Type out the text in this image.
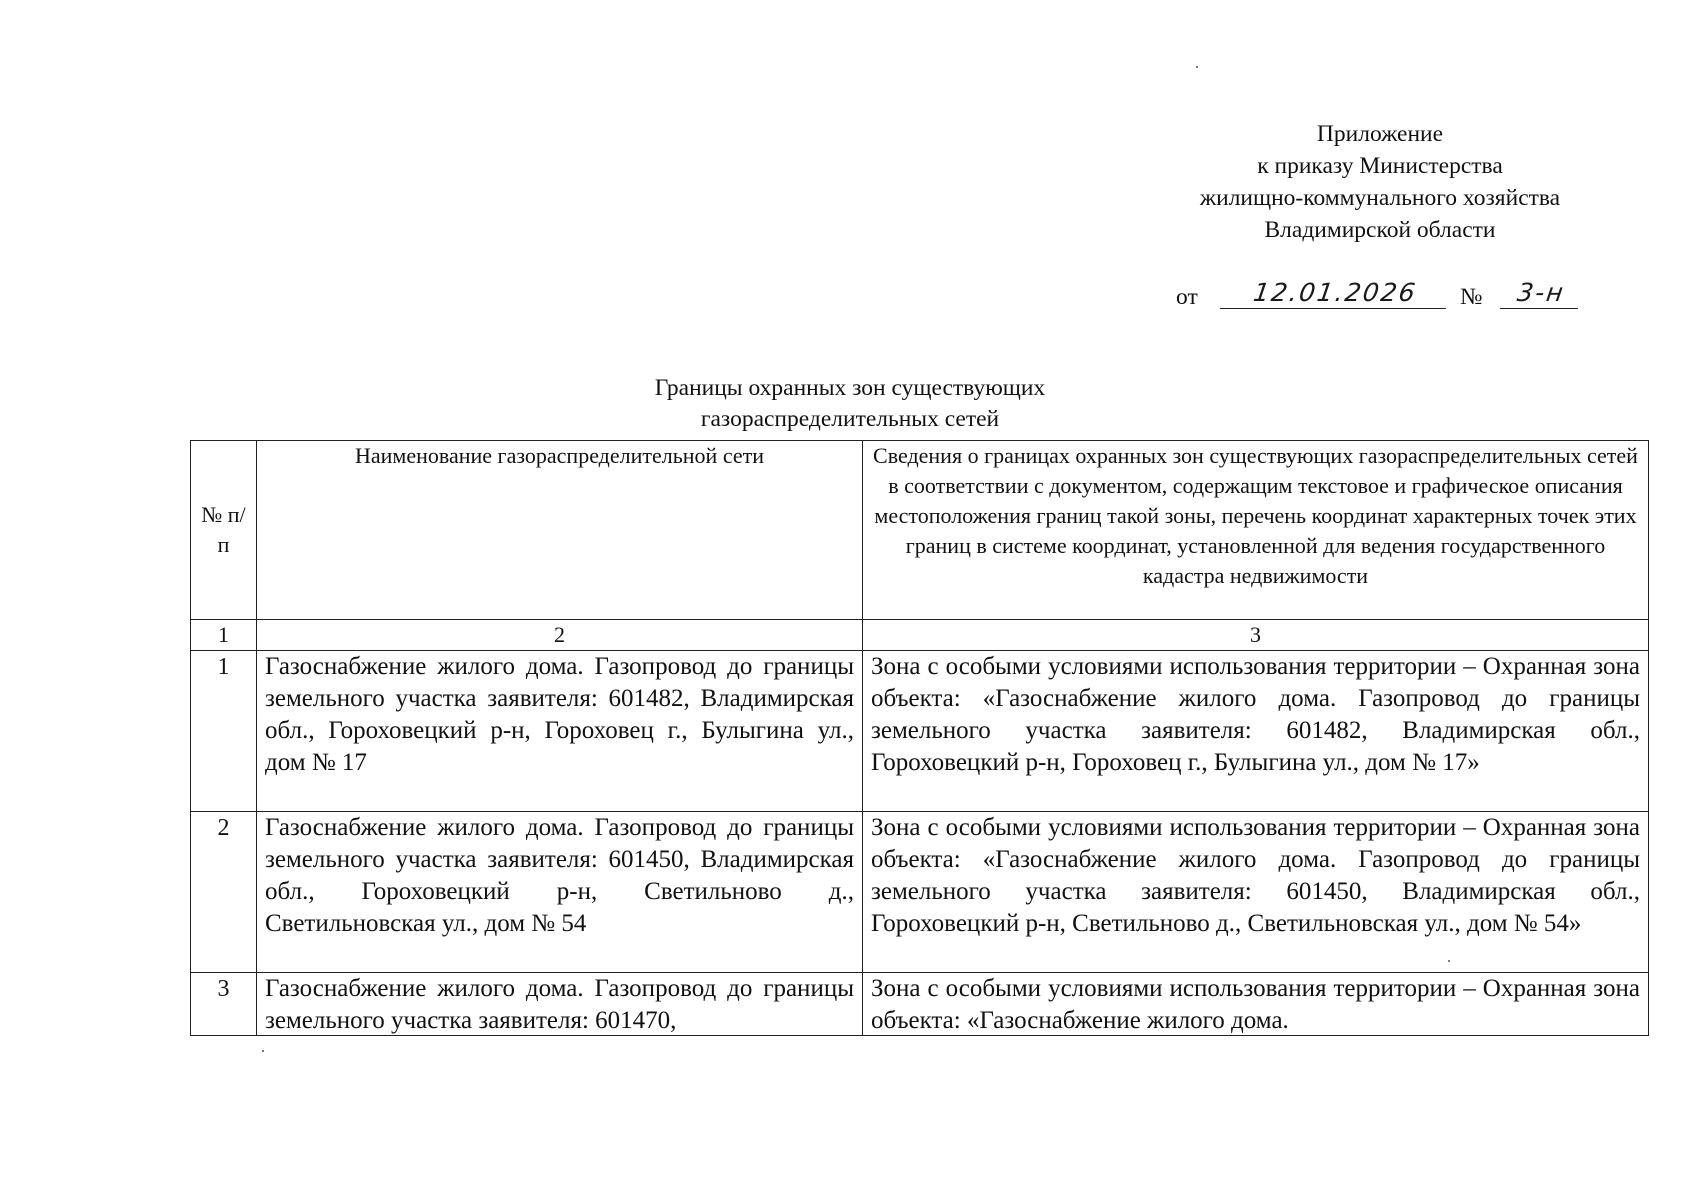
Приложение
к приказу Министерства
жилищно-коммунального хозяйства
Владимирской области
от	12.01.2026	№	3-н
Границы охранных зон существующих
газораспределительных сетей
№ п/п	Наименование газораспределительной сети	Сведения о границах охранных зон существующих газораспределительных сетей в соответствии с документом, содержащим текстовое и графическое описания местоположения границ такой зоны, перечень координат характерных точек этих границ в системе координат, установленной для ведения государственного кадастра недвижимости
1	2	3
1	Газоснабжение жилого дома. Газопровод до границы земельного участка заявителя: 601482, Владимирская обл., Гороховецкий р-н, Гороховец г., Булыгина ул., дом № 17	Зона с особыми условиями использования территории – Охранная зона объекта: «Газоснабжение жилого дома. Газопровод до границы земельного участка заявителя: 601482, Владимирская обл., Гороховецкий р-н, Гороховец г., Булыгина ул., дом № 17»
2	Газоснабжение жилого дома. Газопровод до границы земельного участка заявителя: 601450, Владимирская обл., Гороховецкий р-н, Светильново д., Светильновская ул., дом № 54	Зона с особыми условиями использования территории – Охранная зона объекта: «Газоснабжение жилого дома. Газопровод до границы земельного участка заявителя: 601450, Владимирская обл., Гороховецкий р-н, Светильново д., Светильновская ул., дом № 54»
3	Газоснабжение жилого дома. Газопровод до границы земельного участка заявителя: 601470,	Зона с особыми условиями использования территории – Охранная зона объекта: «Газоснабжение жилого дома.
